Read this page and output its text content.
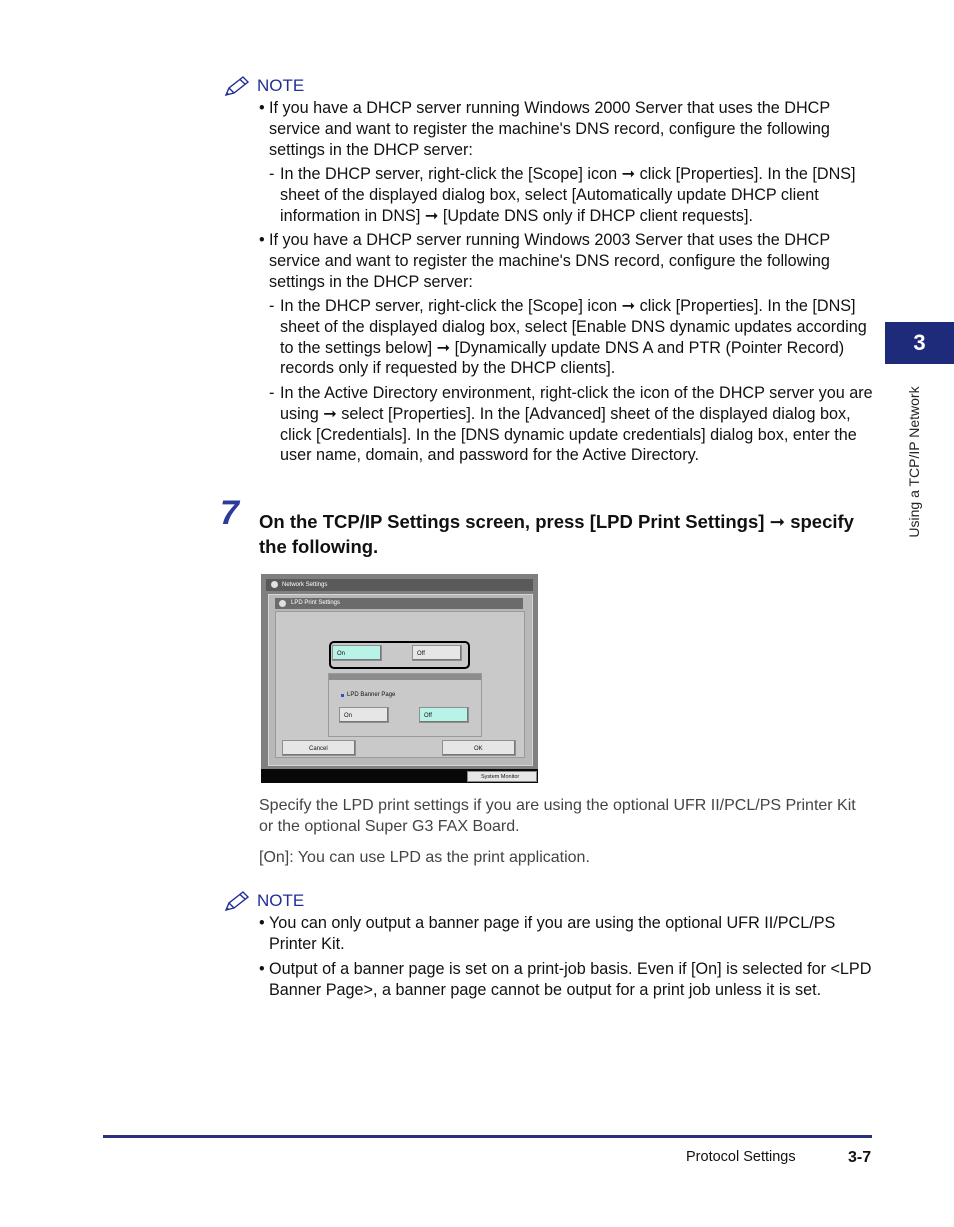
NOTE
• If you have a DHCP server running Windows 2000 Server that uses the DHCP service and want to register the machine's DNS record, configure the following settings in the DHCP server:
- In the DHCP server, right-click the [Scope] icon ➞ click [Properties]. In the [DNS] sheet of the displayed dialog box, select [Automatically update DHCP client information in DNS] ➞ [Update DNS only if DHCP client requests].
• If you have a DHCP server running Windows 2003 Server that uses the DHCP service and want to register the machine's DNS record, configure the following settings in the DHCP server:
- In the DHCP server, right-click the [Scope] icon ➞ click [Properties]. In the [DNS] sheet of the displayed dialog box, select [Enable DNS dynamic updates according to the settings below] ➞ [Dynamically update DNS A and PTR (Pointer Record) records only if requested by the DHCP clients].
- In the Active Directory environment, right-click the icon of the DHCP server you are using ➞ select [Properties]. In the [Advanced] sheet of the displayed dialog box, click [Credentials]. In the [DNS dynamic update credentials] dialog box, enter the user name, domain, and password for the Active Directory.
7 On the TCP/IP Settings screen, press [LPD Print Settings] ➞ specify the following.
Network Settings
LPD Print Settings
On	Off
LPD Banner Page
On	Off
Cancel	OK
System Monitor
Specify the LPD print settings if you are using the optional UFR II/PCL/PS Printer Kit or the optional Super G3 FAX Board.
[On]: You can use LPD as the print application.
NOTE
• You can only output a banner page if you are using the optional UFR II/PCL/PS Printer Kit.
• Output of a banner page is set on a print-job basis. Even if [On] is selected for <LPD Banner Page>, a banner page cannot be output for a print job unless it is set.
3
Using a TCP/IP Network
Protocol Settings	3-7
